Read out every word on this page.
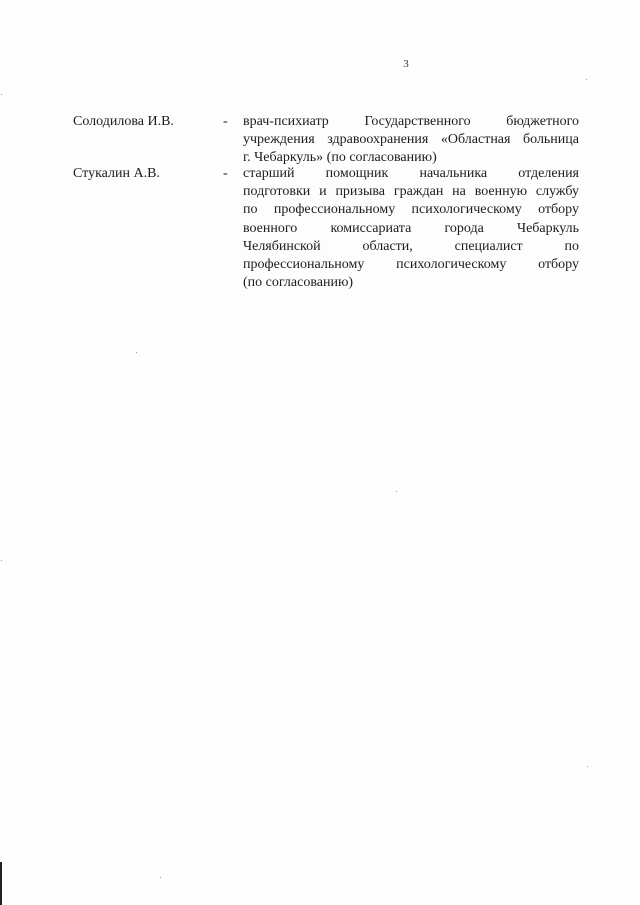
3
Солодилова И.В.	- врач-психиатр Государственного бюджетного
учреждения здравоохранения «Областная больница
г. Чебаркуль» (по согласованию)

Стукалин А.В.	- старший помощник начальника отделения
подготовки и призыва граждан на военную службу
по профессиональному психологическому отбору
военного комиссариата города Чебаркуль
Челябинской области, специалист по
профессиональному психологическому отбору
(по согласованию)
